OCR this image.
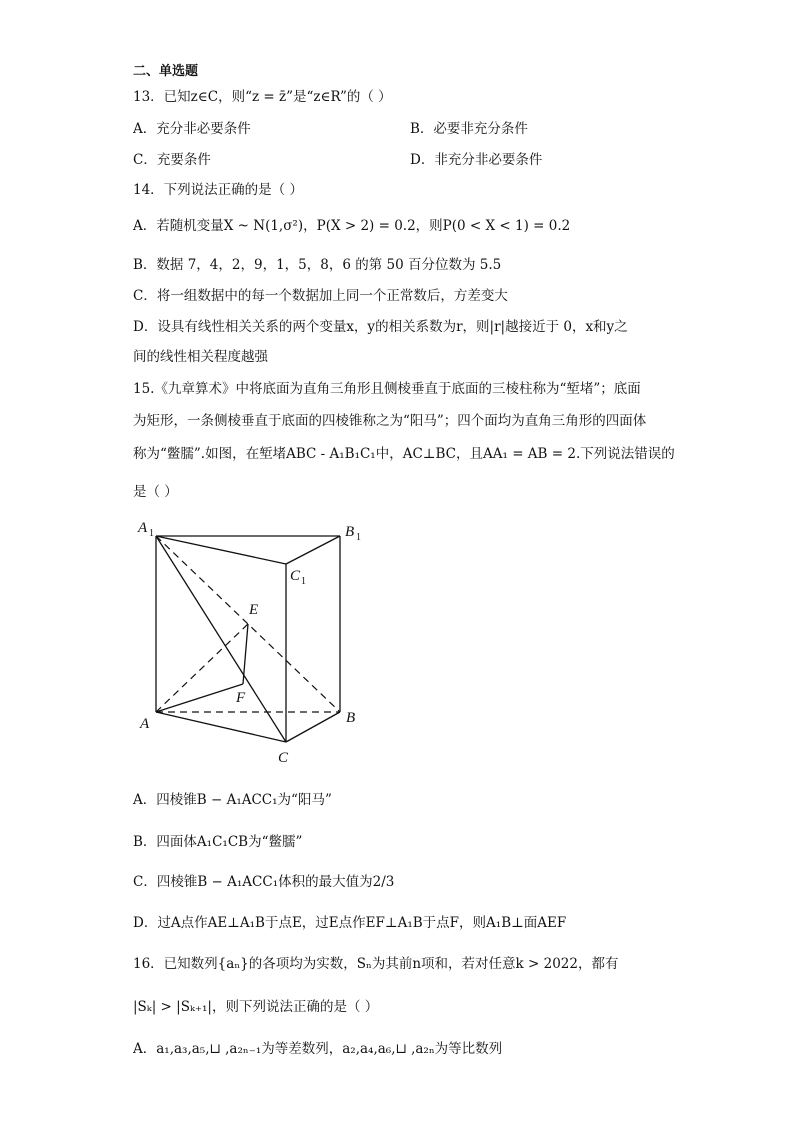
二、单选题
13．已知z∈C，则“z = z̄”是“z∈R”的（ ）
A．充分非必要条件	B．必要非充分条件
C．充要条件	D．非充分非必要条件
14．下列说法正确的是（ ）
A．若随机变量X ~ N(1,σ²)，P(X > 2) = 0.2，则P(0 < X < 1) = 0.2
B．数据 7，4，2，9，1，5，8，6 的第 50 百分位数为 5.5
C．将一组数据中的每一个数据加上同一个正常数后，方差变大
D．设具有线性相关关系的两个变量x，y的相关系数为r，则|r|越接近于 0，x和y之
间的线性相关程度越强
15.《九章算术》中将底面为直角三角形且侧棱垂直于底面的三棱柱称为“堑堵”；底面
为矩形，一条侧棱垂直于底面的四棱锥称之为“阳马”；四个面均为直角三角形的四面体
称为“鳖臑”.如图，在堑堵ABC - A₁B₁C₁中，AC⊥BC，且AA₁ = AB = 2.下列说法错误的
是（ ）
A 1	B 1
C 1
E
F
A	B
C
A．四棱锥B − A₁ACC₁为“阳马”
B．四面体A₁C₁CB为“鳖臑”
C．四棱锥B − A₁ACC₁体积的最大值为2/3
D．过A点作AE⊥A₁B于点E，过E点作EF⊥A₁B于点F，则A₁B⊥面AEF
16．已知数列{aₙ}的各项均为实数，Sₙ为其前n项和，若对任意k > 2022，都有
|Sₖ| > |Sₖ₊₁|，则下列说法正确的是（ ）
A．a₁,a₃,a₅,⊔ ,a₂ₙ₋₁为等差数列，a₂,a₄,a₆,⊔ ,a₂ₙ为等比数列
